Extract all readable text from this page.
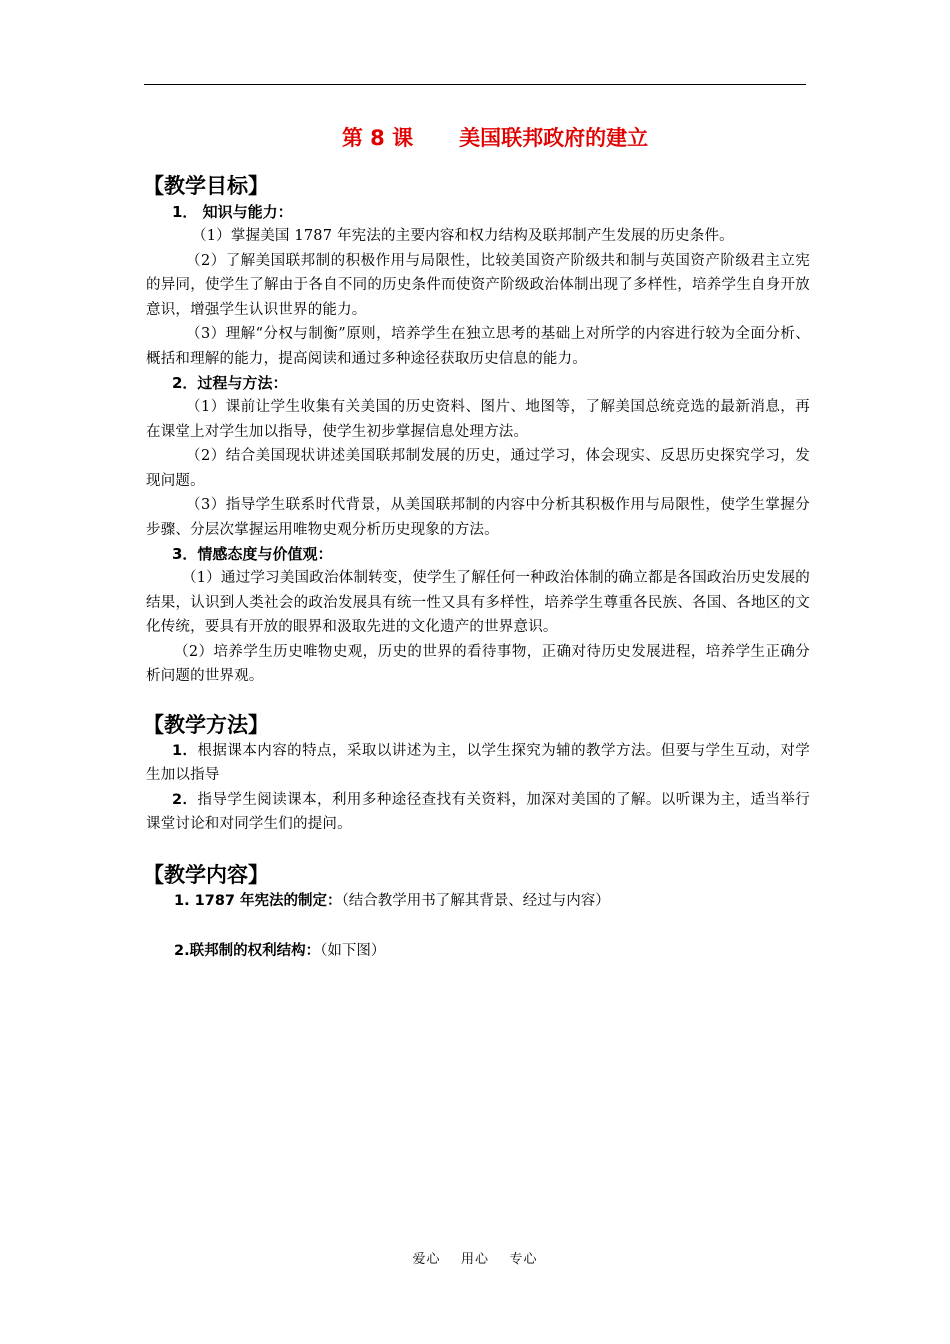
第 8 课 美国联邦政府的建立
【教学目标】
1． 知识与能力：
（1）掌握美国 1787 年宪法的主要内容和权力结构及联邦制产生发展的历史条件。
（2）了解美国联邦制的积极作用与局限性，比较美国资产阶级共和制与英国资产阶级君主立宪的异同，使学生了解由于各自不同的历史条件而使资产阶级政治体制出现了多样性，培养学生自身开放意识，增强学生认识世界的能力。
（3）理解“分权与制衡”原则，培养学生在独立思考的基础上对所学的内容进行较为全面分析、概括和理解的能力，提高阅读和通过多种途径获取历史信息的能力。
2．过程与方法：
（1）课前让学生收集有关美国的历史资料、图片、地图等，了解美国总统竞选的最新消息，再在课堂上对学生加以指导，使学生初步掌握信息处理方法。
（2）结合美国现状讲述美国联邦制发展的历史，通过学习，体会现实、反思历史探究学习，发现问题。
（3）指导学生联系时代背景，从美国联邦制的内容中分析其积极作用与局限性，使学生掌握分步骤、分层次掌握运用唯物史观分析历史现象的方法。
3．情感态度与价值观：
（1）通过学习美国政治体制转变，使学生了解任何一种政治体制的确立都是各国政治历史发展的结果，认识到人类社会的政治发展具有统一性又具有多样性，培养学生尊重各民族、各国、各地区的文化传统，要具有开放的眼界和汲取先进的文化遗产的世界意识。
（2）培养学生历史唯物史观，历史的世界的看待事物，正确对待历史发展进程，培养学生正确分析问题的世界观。
【教学方法】
1．根据课本内容的特点，采取以讲述为主，以学生探究为辅的教学方法。但要与学生互动，对学生加以指导
2．指导学生阅读课本，利用多种途径查找有关资料，加深对美国的了解。以听课为主，适当举行课堂讨论和对同学生们的提问。
【教学内容】
1. 1787 年宪法的制定：（结合教学用书了解其背景、经过与内容）
2.联邦制的权利结构：（如下图）
爱心    用心    专心
